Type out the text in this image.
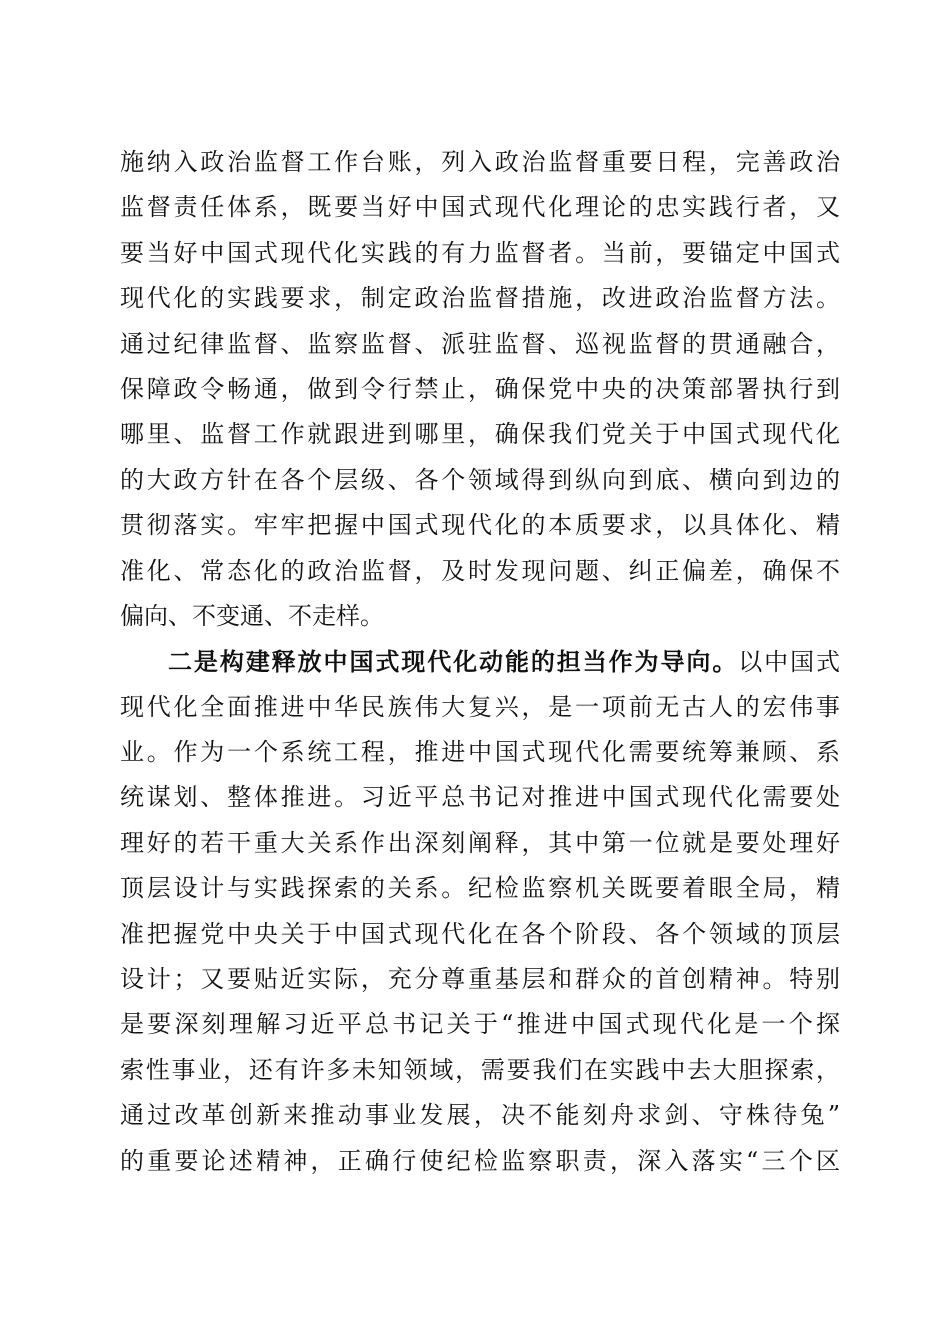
施纳入政治监督工作台账，列入政治监督重要日程，完善政治
监督责任体系，既要当好中国式现代化理论的忠实践行者，又
要当好中国式现代化实践的有力监督者。当前，要锚定中国式
现代化的实践要求，制定政治监督措施，改进政治监督方法。
通过纪律监督、监察监督、派驻监督、巡视监督的贯通融合，
保障政令畅通，做到令行禁止，确保党中央的决策部署执行到
哪里、监督工作就跟进到哪里，确保我们党关于中国式现代化
的大政方针在各个层级、各个领域得到纵向到底、横向到边的
贯彻落实。牢牢把握中国式现代化的本质要求，以具体化、精
准化、常态化的政治监督，及时发现问题、纠正偏差，确保不
偏向、不变通、不走样。
二是构建释放中国式现代化动能的担当作为导向。以中国式
现代化全面推进中华民族伟大复兴，是一项前无古人的宏伟事
业。作为一个系统工程，推进中国式现代化需要统筹兼顾、系
统谋划、整体推进。习近平总书记对推进中国式现代化需要处
理好的若干重大关系作出深刻阐释，其中第一位就是要处理好
顶层设计与实践探索的关系。纪检监察机关既要着眼全局，精
准把握党中央关于中国式现代化在各个阶段、各个领域的顶层
设计；又要贴近实际，充分尊重基层和群众的首创精神。特别
是要深刻理解习近平总书记关于“推进中国式现代化是一个探
索性事业，还有许多未知领域，需要我们在实践中去大胆探索，
通过改革创新来推动事业发展，决不能刻舟求剑、守株待兔”
的重要论述精神，正确行使纪检监察职责，深入落实“三个区
